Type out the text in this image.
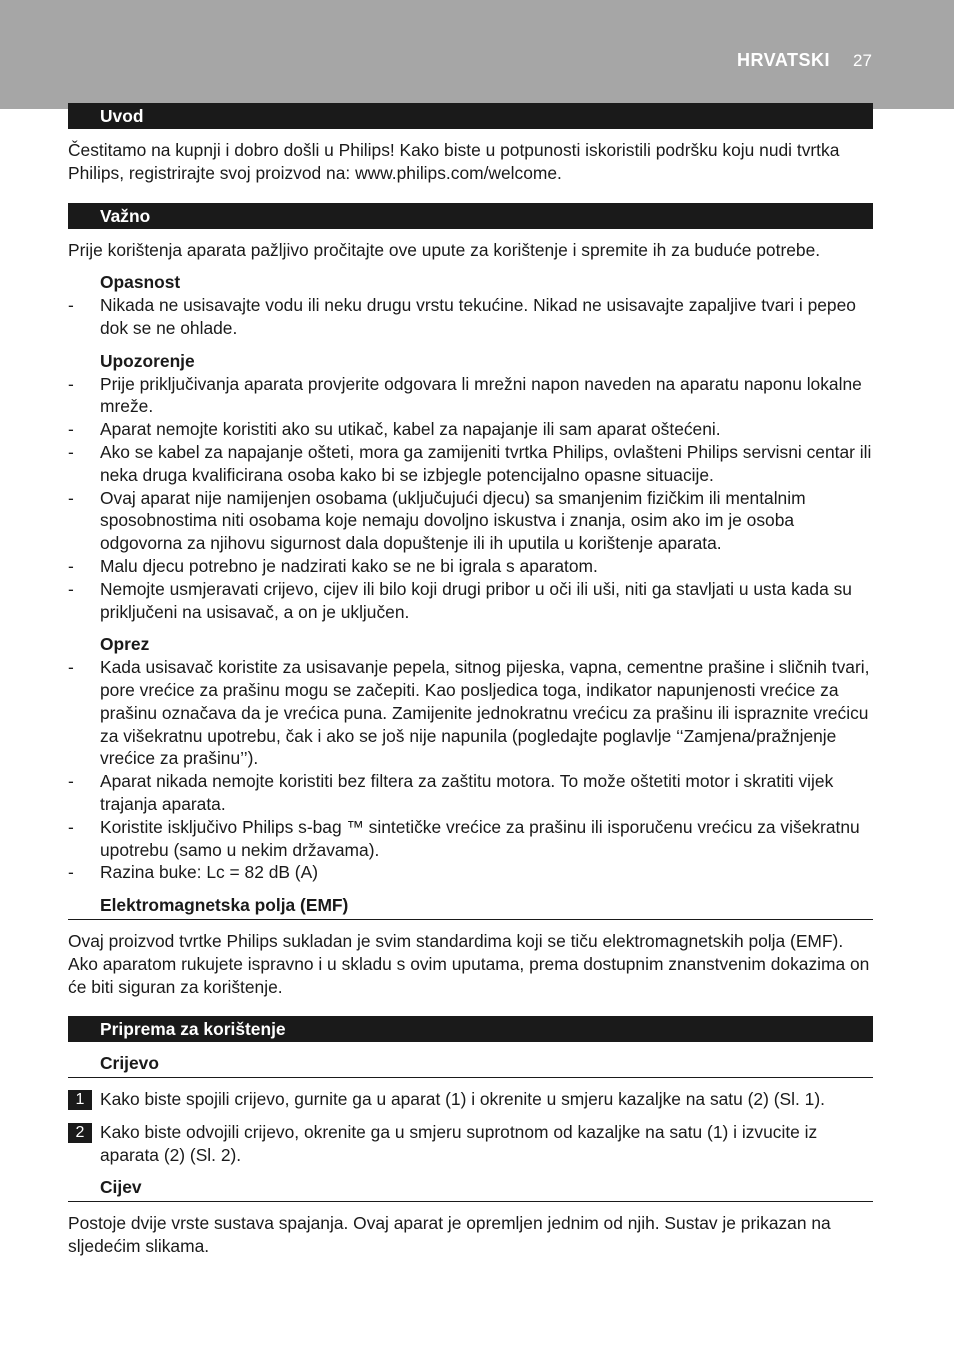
HRVATSKI 27
Uvod

Čestitamo na kupnji i dobro došli u Philips! Kako biste u potpunosti iskoristili podršku koju nudi tvrtka Philips, registrirajte svoj proizvod na: www.philips.com/welcome.

Važno

Prije korištenja aparata pažljivo pročitajte ove upute za korištenje i spremite ih za buduće potrebe.

Opasnost
- Nikada ne usisavajte vodu ili neku drugu vrstu tekućine. Nikad ne usisavajte zapaljive tvari i pepeo dok se ne ohlade.
Upozorenje
- Prije priključivanja aparata provjerite odgovara li mrežni napon naveden na aparatu naponu lokalne mreže.
- Aparat nemojte koristiti ako su utikač, kabel za napajanje ili sam aparat oštećeni.
- Ako se kabel za napajanje ošteti, mora ga zamijeniti tvrtka Philips, ovlašteni Philips servisni centar ili neka druga kvalificirana osoba kako bi se izbjegle potencijalno opasne situacije.
- Ovaj aparat nije namijenjen osobama (uključujući djecu) sa smanjenim fizičkim ili mentalnim sposobnostima niti osobama koje nemaju dovoljno iskustva i znanja, osim ako im je osoba odgovorna za njihovu sigurnost dala dopuštenje ili ih uputila u korištenje aparata.
- Malu djecu potrebno je nadzirati kako se ne bi igrala s aparatom.
- Nemojte usmjeravati crijevo, cijev ili bilo koji drugi pribor u oči ili uši, niti ga stavljati u usta kada su priključeni na usisavač, a on je uključen.
Oprez
- Kada usisavač koristite za usisavanje pepela, sitnog pijeska, vapna, cementne prašine i sličnih tvari, pore vrećice za prašinu mogu se začepiti. Kao posljedica toga, indikator napunjenosti vrećice za prašinu označava da je vrećica puna. Zamijenite jednokratnu vrećicu za prašinu ili ispraznite vrećicu za višekratnu upotrebu, čak i ako se još nije napunila (pogledajte poglavlje ‘‘Zamjena/pražnjenje vrećice za prašinu’’).
- Aparat nikada nemojte koristiti bez filtera za zaštitu motora. To može oštetiti motor i skratiti vijek trajanja aparata.
- Koristite isključivo Philips s-bag ™ sintetičke vrećice za prašinu ili isporučenu vrećicu za višekratnu upotrebu (samo u nekim državama).
- Razina buke: Lc = 82 dB (A)
Elektromagnetska polja (EMF)

Ovaj proizvod tvrtke Philips sukladan je svim standardima koji se tiču elektromagnetskih polja (EMF). Ako aparatom rukujete ispravno i u skladu s ovim uputama, prema dostupnim znanstvenim dokazima on će biti siguran za korištenje.

Priprema za korištenje
Crijevo
1 Kako biste spojili crijevo, gurnite ga u aparat (1) i okrenite u smjeru kazaljke na satu (2) (Sl. 1).
2 Kako biste odvojili crijevo, okrenite ga u smjeru suprotnom od kazaljke na satu (1) i izvucite iz aparata (2) (Sl. 2).
Cijev

Postoje dvije vrste sustava spajanja. Ovaj aparat je opremljen jednim od njih. Sustav je prikazan na sljedećim slikama.
